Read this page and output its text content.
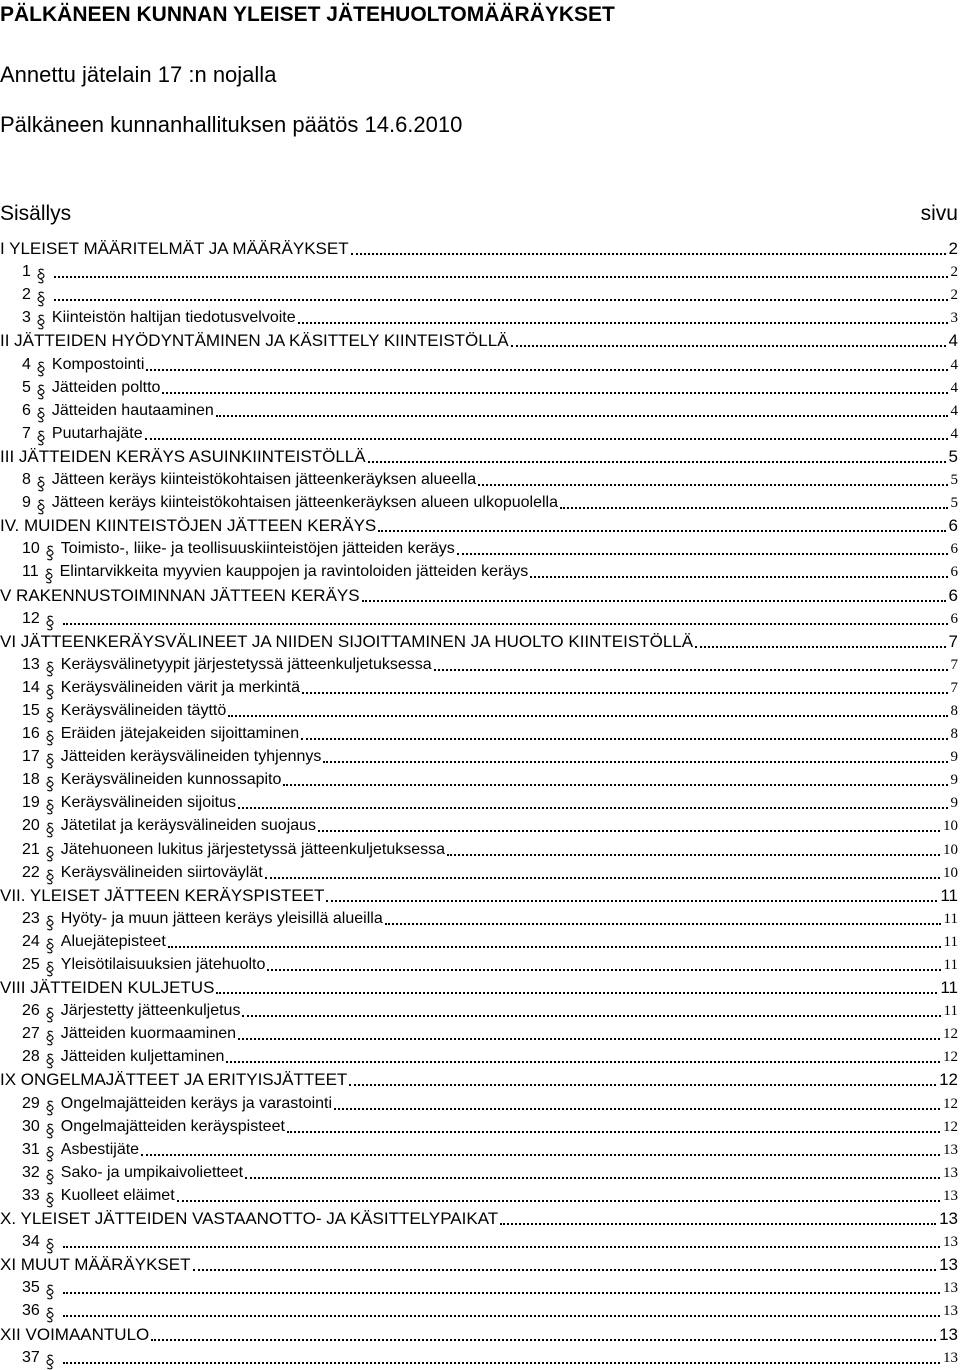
PÄLKÄNEEN KUNNAN YLEISET JÄTEHUOLTOMÄÄRÄYKSET
Annettu jätelain 17 :n nojalla
Pälkäneen kunnanhallituksen päätös 14.6.2010
Sisällys	sivu
I YLEISET MÄÄRITELMÄT JA MÄÄRÄYKSET	2
1	2
2	2
3 Kiinteistön haltijan tiedotusvelvoite	3
II JÄTTEIDEN HYÖDYNTÄMINEN JA KÄSITTELY KIINTEISTÖLLÄ	4
4 Kompostointi	4
5 Jätteiden poltto	4
6 Jätteiden hautaaminen	4
7 Puutarhajäte	4
III JÄTTEIDEN KERÄYS ASUINKIINTEISTÖLLÄ	5
8 Jätteen keräys kiinteistökohtaisen jätteenkeräyksen alueella	5
9 Jätteen keräys kiinteistökohtaisen jätteenkeräyksen alueen ulkopuolella	5
IV. MUIDEN KIINTEISTÖJEN JÄTTEEN KERÄYS	6
10 Toimisto-, liike- ja teollisuuskiinteistöjen jätteiden keräys	6
11 Elintarvikkeita myyvien kauppojen ja ravintoloiden jätteiden keräys	6
V RAKENNUSTOIMINNAN JÄTTEEN KERÄYS	6
12	6
VI JÄTTEENKERÄYSVÄLINEET JA NIIDEN SIJOITTAMINEN JA HUOLTO KIINTEISTÖLLÄ	7
13 Keräysvälinetyypit järjestetyssä jätteenkuljetuksessa	7
14 Keräysvälineiden värit ja merkintä	7
15 Keräysvälineiden täyttö	8
16 Eräiden jätejakeiden sijoittaminen	8
17 Jätteiden keräysvälineiden tyhjennys	9
18 Keräysvälineiden kunnossapito	9
19 Keräysvälineiden sijoitus	9
20 Jätetilat ja keräysvälineiden suojaus	10
21 Jätehuoneen lukitus järjestetyssä jätteenkuljetuksessa	10
22 Keräysvälineiden siirtoväylät	10
VII. YLEISET JÄTTEEN KERÄYSPISTEET	11
23 Hyöty- ja muun jätteen keräys yleisillä alueilla	11
24 Aluejätepisteet	11
25 Yleisötilaisuuksien jätehuolto	11
VIII JÄTTEIDEN KULJETUS	11
26 Järjestetty jätteenkuljetus	11
27 Jätteiden kuormaaminen	12
28 Jätteiden kuljettaminen	12
IX ONGELMAJÄTTEET JA ERITYISJÄTTEET	12
29 Ongelmajätteiden keräys ja varastointi	12
30 Ongelmajätteiden keräyspisteet	12
31 Asbestijäte	13
32 Sako- ja umpikaivolietteet	13
33 Kuolleet eläimet	13
X. YLEISET JÄTTEIDEN VASTAANOTTO- JA KÄSITTELYPAIKAT	13
34	13
XI MUUT MÄÄRÄYKSET	13
35	13
36	13
XII VOIMAANTULO	13
37	13
